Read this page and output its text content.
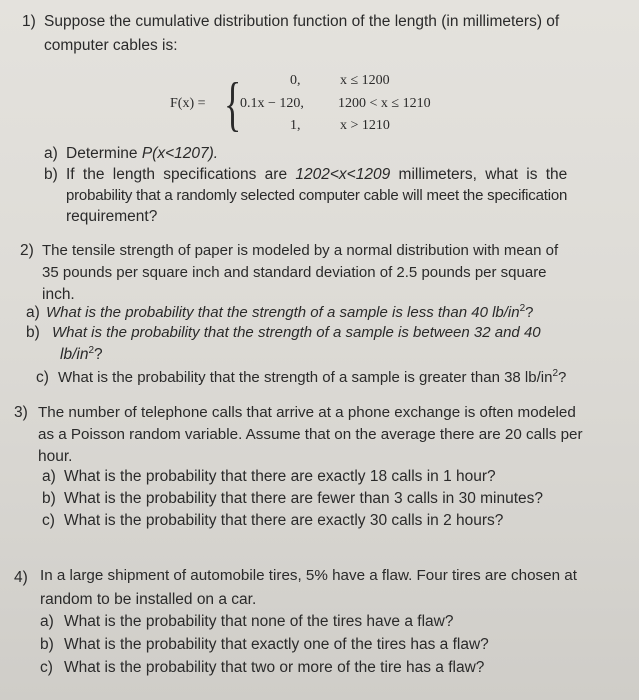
1) Suppose the cumulative distribution function of the length (in millimeters) of
computer cables is:
F(x) = {	0,	x ≤ 1200
0.1x − 120, 1200 < x ≤ 1210
1,	x > 1210
a) Determine P(x<1207).
b) If the length specifications are 1202<x<1209 millimeters, what is the
probability that a randomly selected computer cable will meet the specification
requirement?
2) The tensile strength of paper is modeled by a normal distribution with mean of
35 pounds per square inch and standard deviation of 2.5 pounds per square
inch.
a) What is the probability that the strength of a sample is less than 40 $lb/in^2$?
b) What is the probability that the strength of a sample is between 32 and 40
$lb/in^2$?
c) What is the probability that the strength of a sample is greater than 38 $lb/in^2$?
3) The number of telephone calls that arrive at a phone exchange is often modeled
as a Poisson random variable. Assume that on the average there are 20 calls per
hour.
a) What is the probability that there are exactly 18 calls in 1 hour?
b) What is the probability that there are fewer than 3 calls in 30 minutes?
c) What is the probability that there are exactly 30 calls in 2 hours?
4) In a large shipment of automobile tires, 5% have a flaw. Four tires are chosen at
random to be installed on a car.
a) What is the probability that none of the tires have a flaw?
b) What is the probability that exactly one of the tires has a flaw?
c) What is the probability that two or more of the tire has a flaw?
